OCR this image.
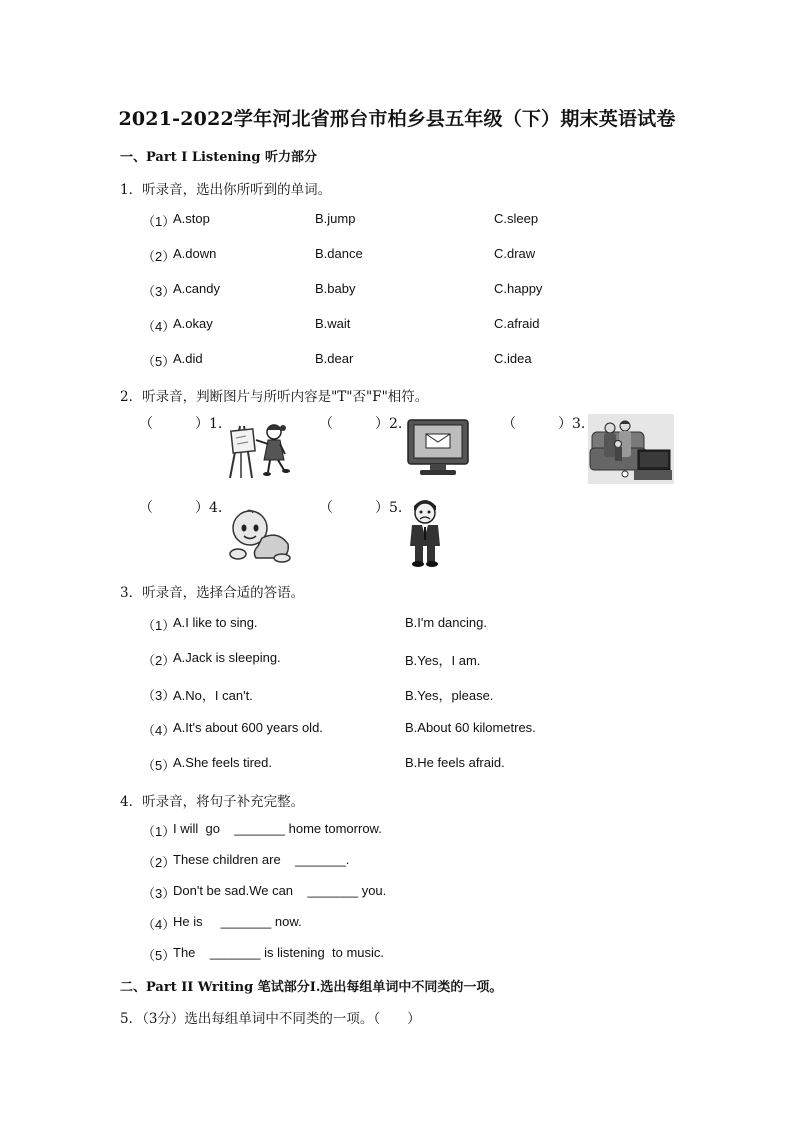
2021-2022学年河北省邢台市柏乡县五年级（下）期末英语试卷
一、Part I Listening 听力部分
1．听录音，选出你所听到的单词。
（1）
A.stop	B.jump	C.sleep
（2）
A.down	B.dance	C.draw
（3）
A.candy	B.baby	C.happy
（4）
A.okay	B.wait	C.afraid
（5）
A.did	B.dear	C.idea
2．听录音，判断图片与所听内容是"T"否"F"相符。
（　　　）1.	（　　　）2.	（　　　）3.
（　　　）4.	（　　　）5.
3．听录音，选择合适的答语。
（1）
A.I like to sing.	B.I'm dancing.
（2）
A.Jack is sleeping.	B.Yes，I am.
（3）
A.No，I can't.	B.Yes，please.
（4）
A.It's about 600 years old.	B.About 60 kilometres.
（5）
A.She feels tired.	B.He feels afraid.
4．听录音，将句子补充完整。
（1）
I will  go    _______ home tomorrow.
（2）
These children are    _______.
（3）
Don't be sad.We can    _______ you.
（4）
He is     _______ now.
（5）
The    _______ is listening  to music.
二、Part II Writing 笔试部分Ⅰ.选出每组单词中不同类的一项。
5．（3分）选出每组单词中不同类的一项。（　　）
